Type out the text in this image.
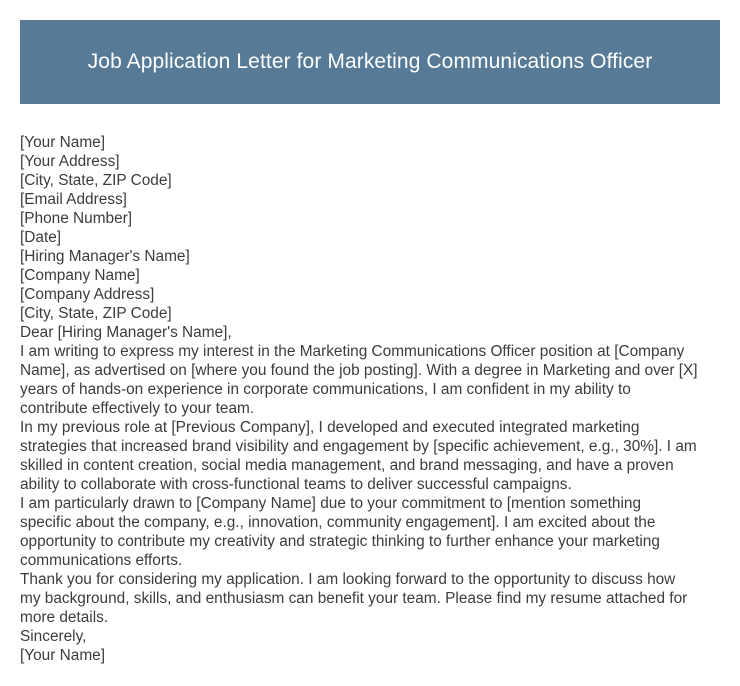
Job Application Letter for Marketing Communications Officer
[Your Name]
[Your Address]
[City, State, ZIP Code]
[Email Address]
[Phone Number]
[Date]
[Hiring Manager's Name]
[Company Name]
[Company Address]
[City, State, ZIP Code]
Dear [Hiring Manager's Name],

I am writing to express my interest in the Marketing Communications Officer position at [Company
Name], as advertised on [where you found the job posting]. With a degree in Marketing and over [X]
years of hands-on experience in corporate communications, I am confident in my ability to
contribute effectively to your team.

In my previous role at [Previous Company], I developed and executed integrated marketing
strategies that increased brand visibility and engagement by [specific achievement, e.g., 30%]. I am
skilled in content creation, social media management, and brand messaging, and have a proven
ability to collaborate with cross-functional teams to deliver successful campaigns.

I am particularly drawn to [Company Name] due to your commitment to [mention something
specific about the company, e.g., innovation, community engagement]. I am excited about the
opportunity to contribute my creativity and strategic thinking to further enhance your marketing
communications efforts.

Thank you for considering my application. I am looking forward to the opportunity to discuss how
my background, skills, and enthusiasm can benefit your team. Please find my resume attached for
more details.

Sincerely,
[Your Name]
